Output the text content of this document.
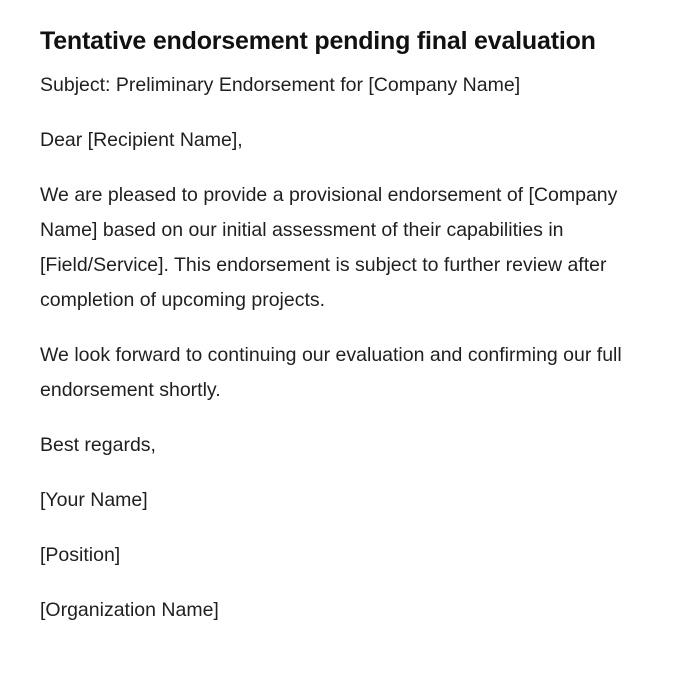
Tentative endorsement pending final evaluation

Subject: Preliminary Endorsement for [Company Name]

Dear [Recipient Name],

We are pleased to provide a provisional endorsement of [Company Name] based on our initial assessment of their capabilities in [Field/Service]. This endorsement is subject to further review after completion of upcoming projects.

We look forward to continuing our evaluation and confirming our full endorsement shortly.

Best regards,

[Your Name]

[Position]

[Organization Name]
